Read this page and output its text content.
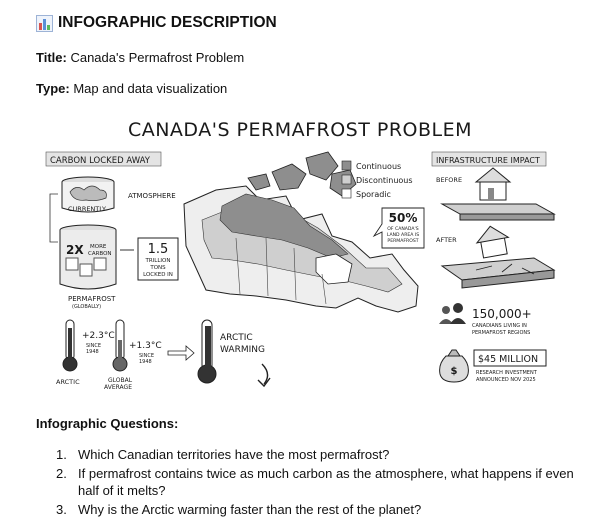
INFOGRAPHIC DESCRIPTION
Title: Canada's Permafrost Problem
Type: Map and data visualization
CANADA'S PERMAFROST PROBLEM
CARBON LOCKED AWAY
ATMOSPHERE
CURRENTLY
2X MORE
CARBON	1.5
TRILLION
TONS
LOCKED IN
PERMAFROST
(GLOBALLY)
+2.3°C
SINCE
1948
ARCTIC
+1.3°C
SINCE
1948
GLOBAL
AVERAGE
ARCTIC
WARMING
Continuous
Discontinuous
Sporadic
50%
OF CANADA'S
LAND AREA IS
PERMAFROST
INFRASTRUCTURE IMPACT
BEFORE
AFTER
150,000+
CANADIANS LIVING IN
PERMAFROST REGIONS
$
$45 MILLION
RESEARCH INVESTMENT
ANNOUNCED NOV 2025
Infographic Questions:
1. Which Canadian territories have the most permafrost?
2. If permafrost contains twice as much carbon as the atmosphere, what happens if even half of it melts?
3. Why is the Arctic warming faster than the rest of the planet?
